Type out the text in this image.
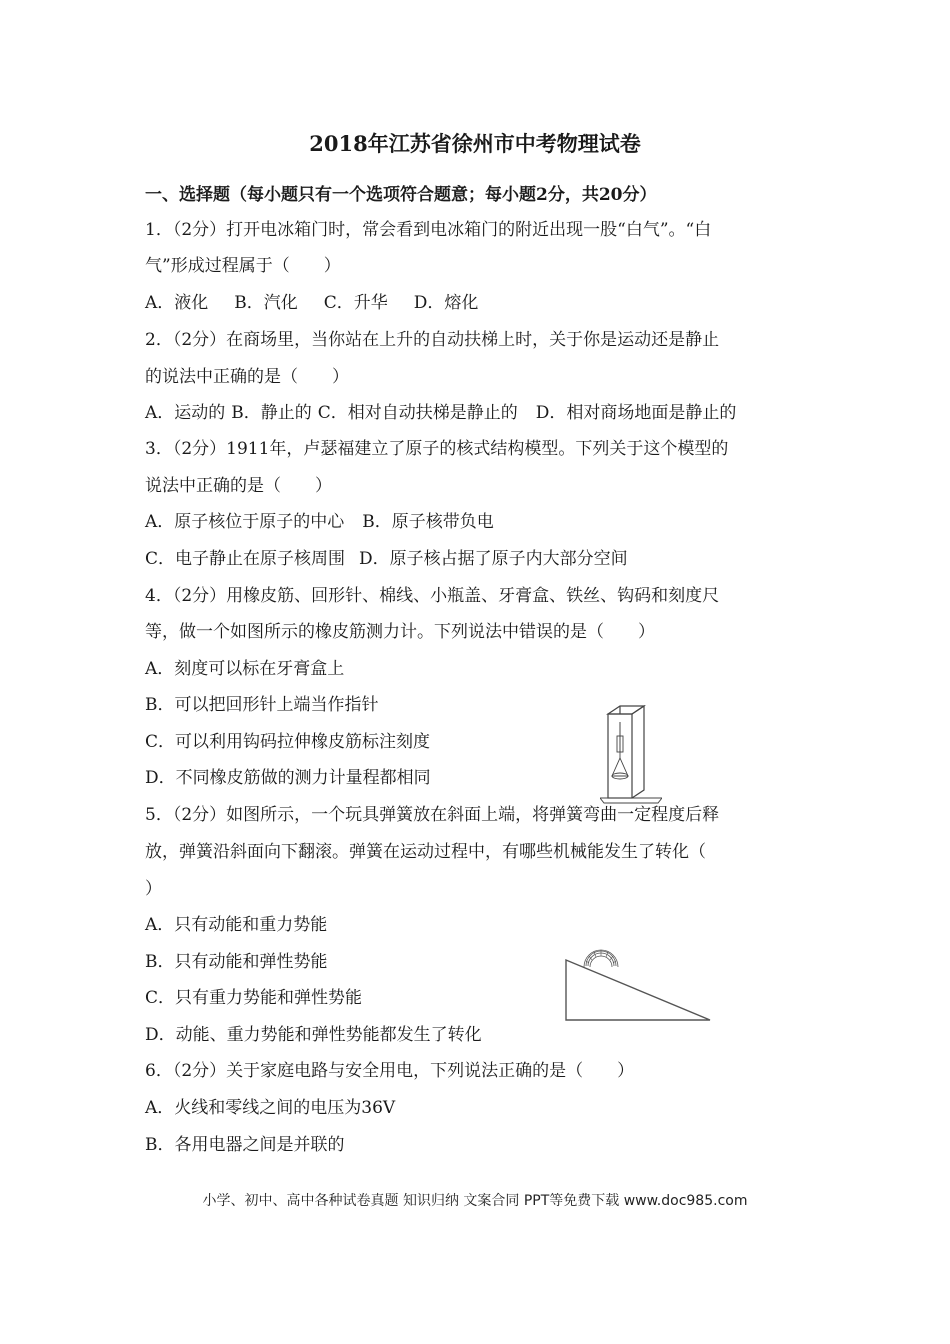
2018年江苏省徐州市中考物理试卷
一、选择题（每小题只有一个选项符合题意；每小题2分，共20分）
1．（2分）打开电冰箱门时，常会看到电冰箱门的附近出现一股“白气”。“白
气”形成过程属于（　　）
A．液化 B．汽化 C．升华 D．熔化
2．（2分）在商场里，当你站在上升的自动扶梯上时，关于你是运动还是静止
的说法中正确的是（　　）
A．运动的 B．静止的 C．相对自动扶梯是静止的 D．相对商场地面是静止的
3．（2分）1911年，卢瑟福建立了原子的核式结构模型。下列关于这个模型的
说法中正确的是（　　）
A．原子核位于原子的中心 B．原子核带负电
C．电子静止在原子核周围 D．原子核占据了原子内大部分空间
4．（2分）用橡皮筋、回形针、棉线、小瓶盖、牙膏盒、铁丝、钩码和刻度尺
等，做一个如图所示的橡皮筋测力计。下列说法中错误的是（　　）
A．刻度可以标在牙膏盒上
B．可以把回形针上端当作指针
C．可以利用钩码拉伸橡皮筋标注刻度
D．不同橡皮筋做的测力计量程都相同
5．（2分）如图所示，一个玩具弹簧放在斜面上端，将弹簧弯曲一定程度后释
放，弹簧沿斜面向下翻滚。弹簧在运动过程中，有哪些机械能发生了转化（
）
A．只有动能和重力势能
B．只有动能和弹性势能
C．只有重力势能和弹性势能
D．动能、重力势能和弹性势能都发生了转化
6．（2分）关于家庭电路与安全用电，下列说法正确的是（　　）
A．火线和零线之间的电压为36V
B．各用电器之间是并联的
小学、初中、高中各种试卷真题 知识归纳 文案合同 PPT等免费下载 www.doc985.com
